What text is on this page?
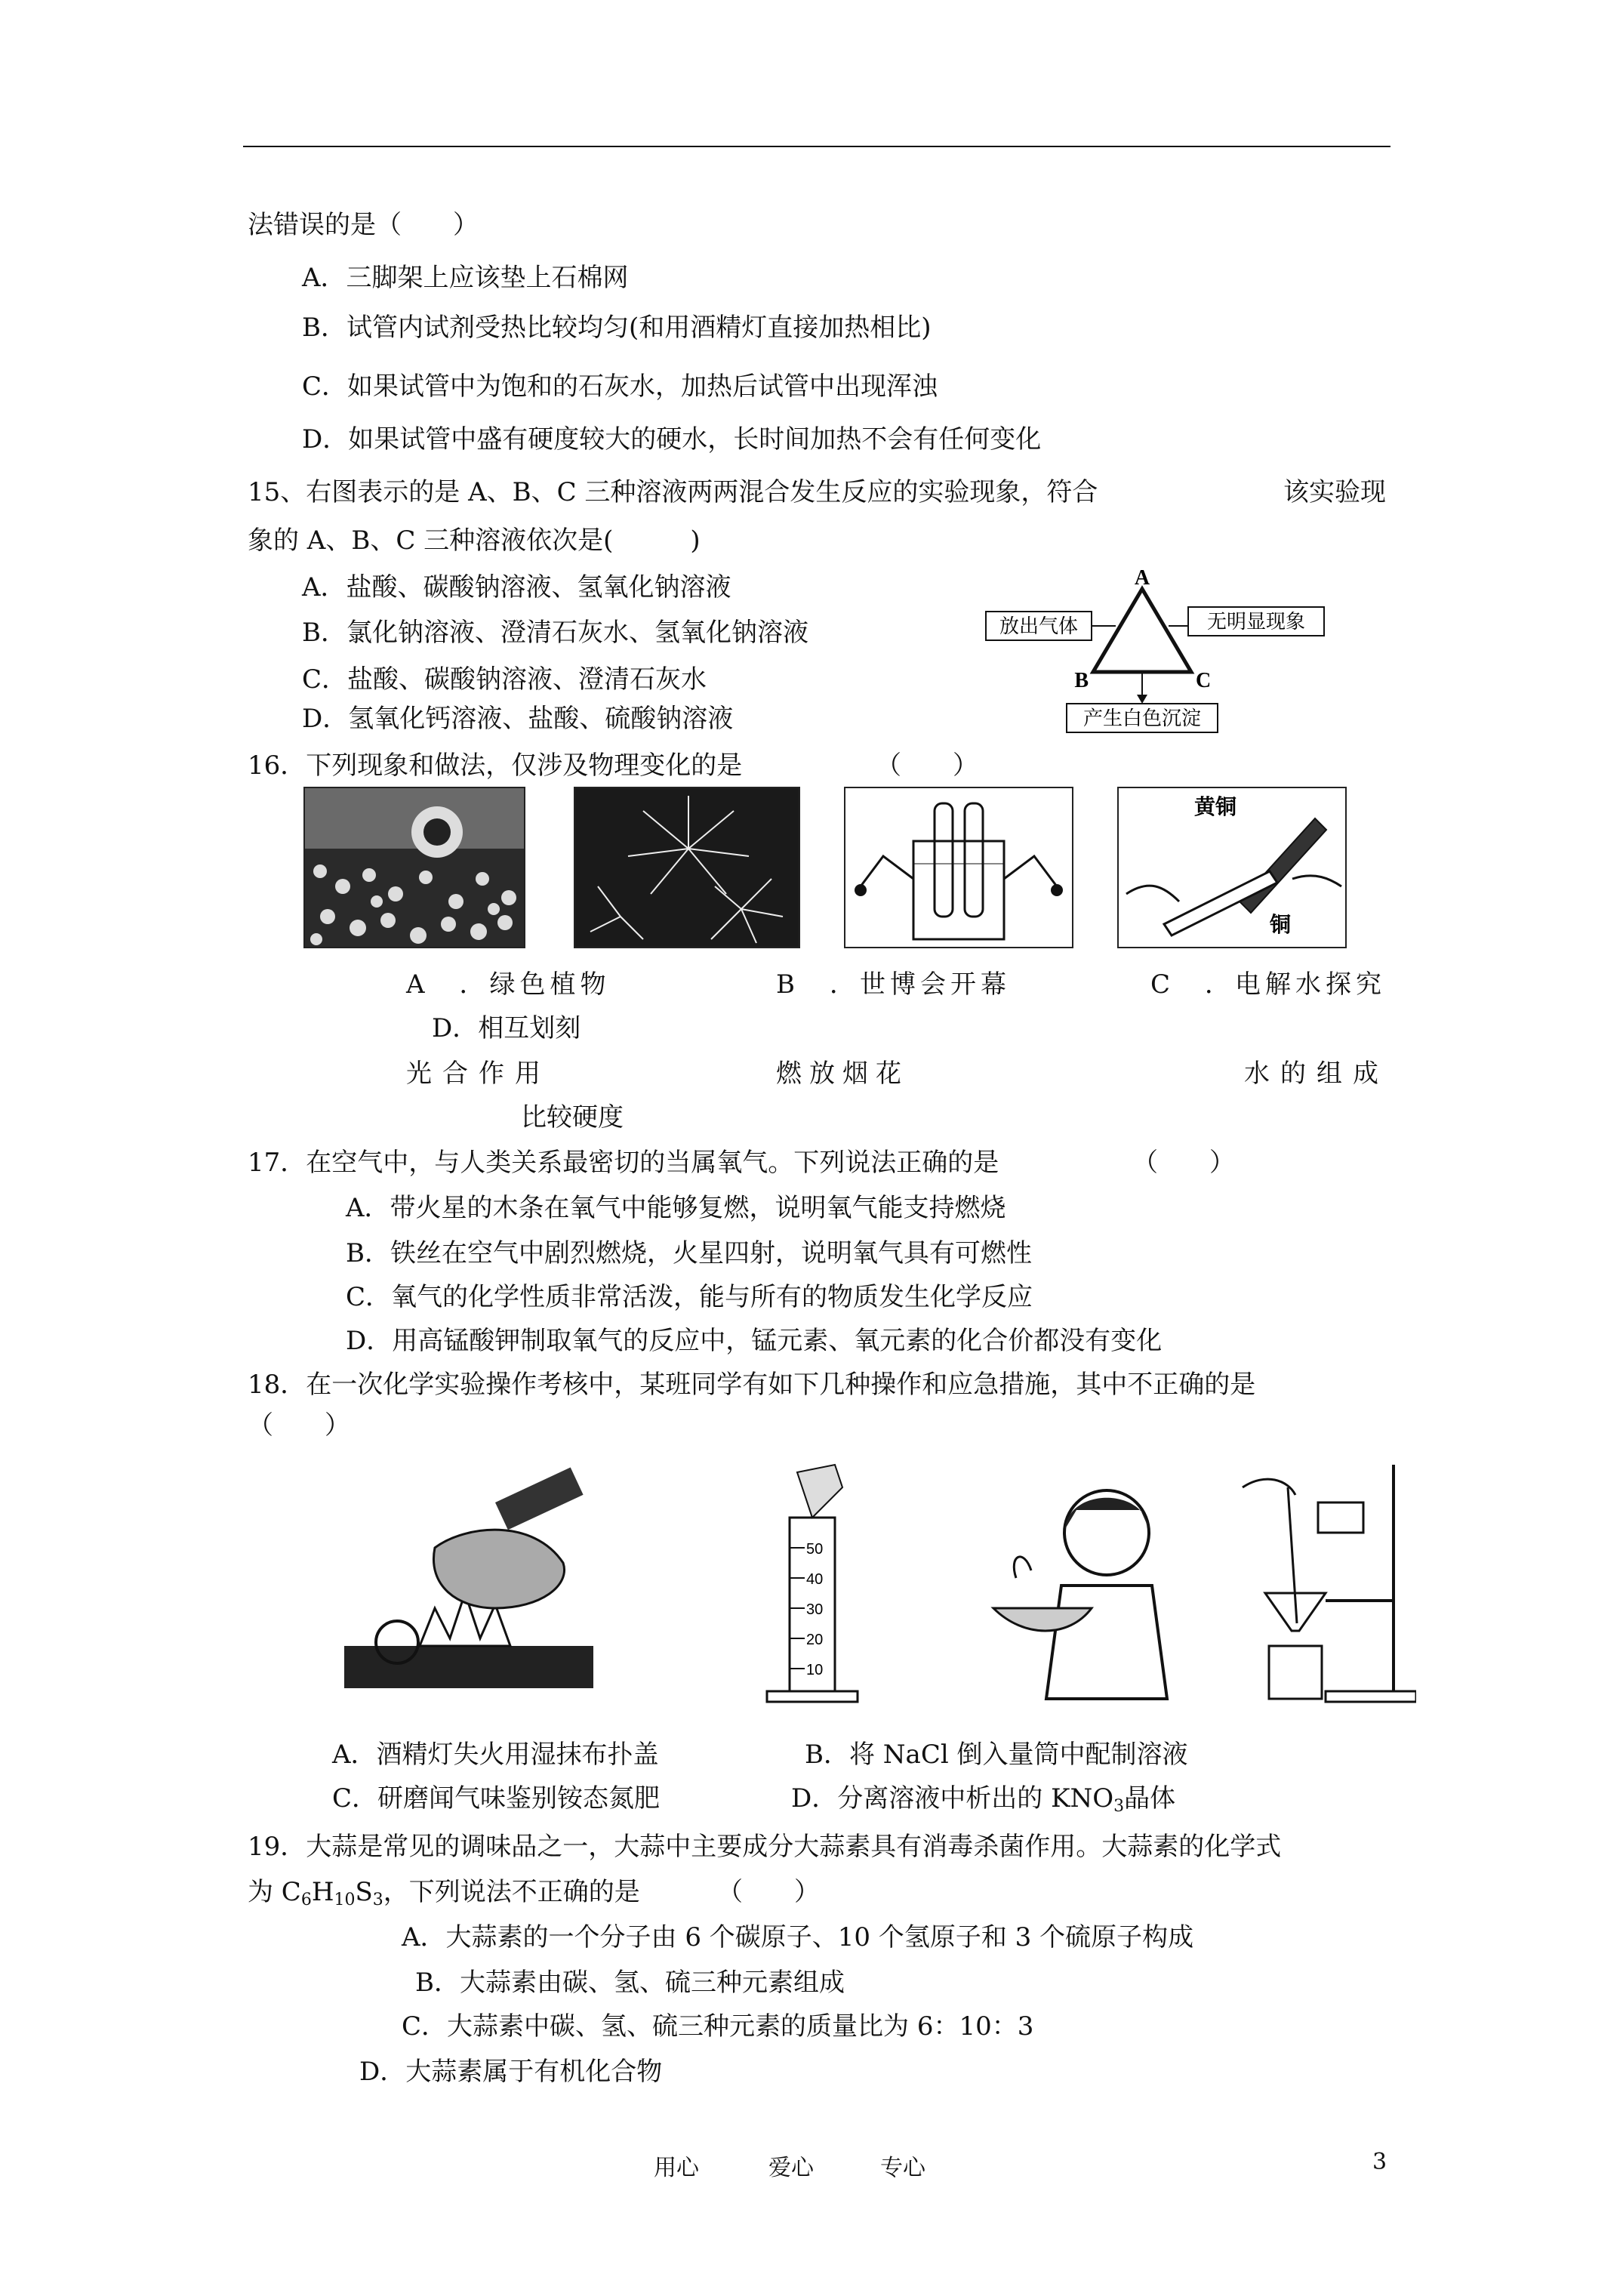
法错误的是（　　）
A．三脚架上应该垫上石棉网
B．试管内试剂受热比较均匀(和用酒精灯直接加热相比)
C．如果试管中为饱和的石灰水，加热后试管中出现浑浊
D．如果试管中盛有硬度较大的硬水，长时间加热不会有任何变化
15、右图表示的是 A、B、C 三种溶液两两混合发生反应的实验现象，符合	该实验现
象的 A、B、C 三种溶液依次是(　　　)
A．盐酸、碳酸钠溶液、氢氧化钠溶液
B．氯化钠溶液、澄清石灰水、氢氧化钠溶液
C．盐酸、碳酸钠溶液、澄清石灰水
D．氢氧化钙溶液、盐酸、硫酸钠溶液
A
B	C
放出气体	无明显现象
产生白色沉淀
16．下列现象和做法，仅涉及物理变化的是	（　　）
黄铜
铜
A　．绿色植物	B　．世博会开幕	C　．电解水探究
D．相互划刻
光合作用	燃放烟花	水的组成
比较硬度
17．在空气中，与人类关系最密切的当属氧气。下列说法正确的是	（　　）
A．带火星的木条在氧气中能够复燃，说明氧气能支持燃烧
B．铁丝在空气中剧烈燃烧，火星四射，说明氧气具有可燃性
C．氧气的化学性质非常活泼，能与所有的物质发生化学反应
D．用高锰酸钾制取氧气的反应中，锰元素、氧元素的化合价都没有变化
18．在一次化学实验操作考核中，某班同学有如下几种操作和应急措施，其中不正确的是
（　　）
50
40
30
20
10
A．酒精灯失火用湿抹布扑盖	B．将 NaCl 倒入量筒中配制溶液
C．研磨闻气味鉴别铵态氮肥	D．分离溶液中析出的 $KNO_3$晶体
19．大蒜是常见的调味品之一，大蒜中主要成分大蒜素具有消毒杀菌作用。大蒜素的化学式
为 $C_6H_{10}S_3$，下列说法不正确的是	（　　）
A．大蒜素的一个分子由 6 个碳原子、10 个氢原子和 3 个硫原子构成
B．大蒜素由碳、氢、硫三种元素组成
C．大蒜素中碳、氢、硫三种元素的质量比为 6：10：3
D．大蒜素属于有机化合物
用心	爱心	专心	3
